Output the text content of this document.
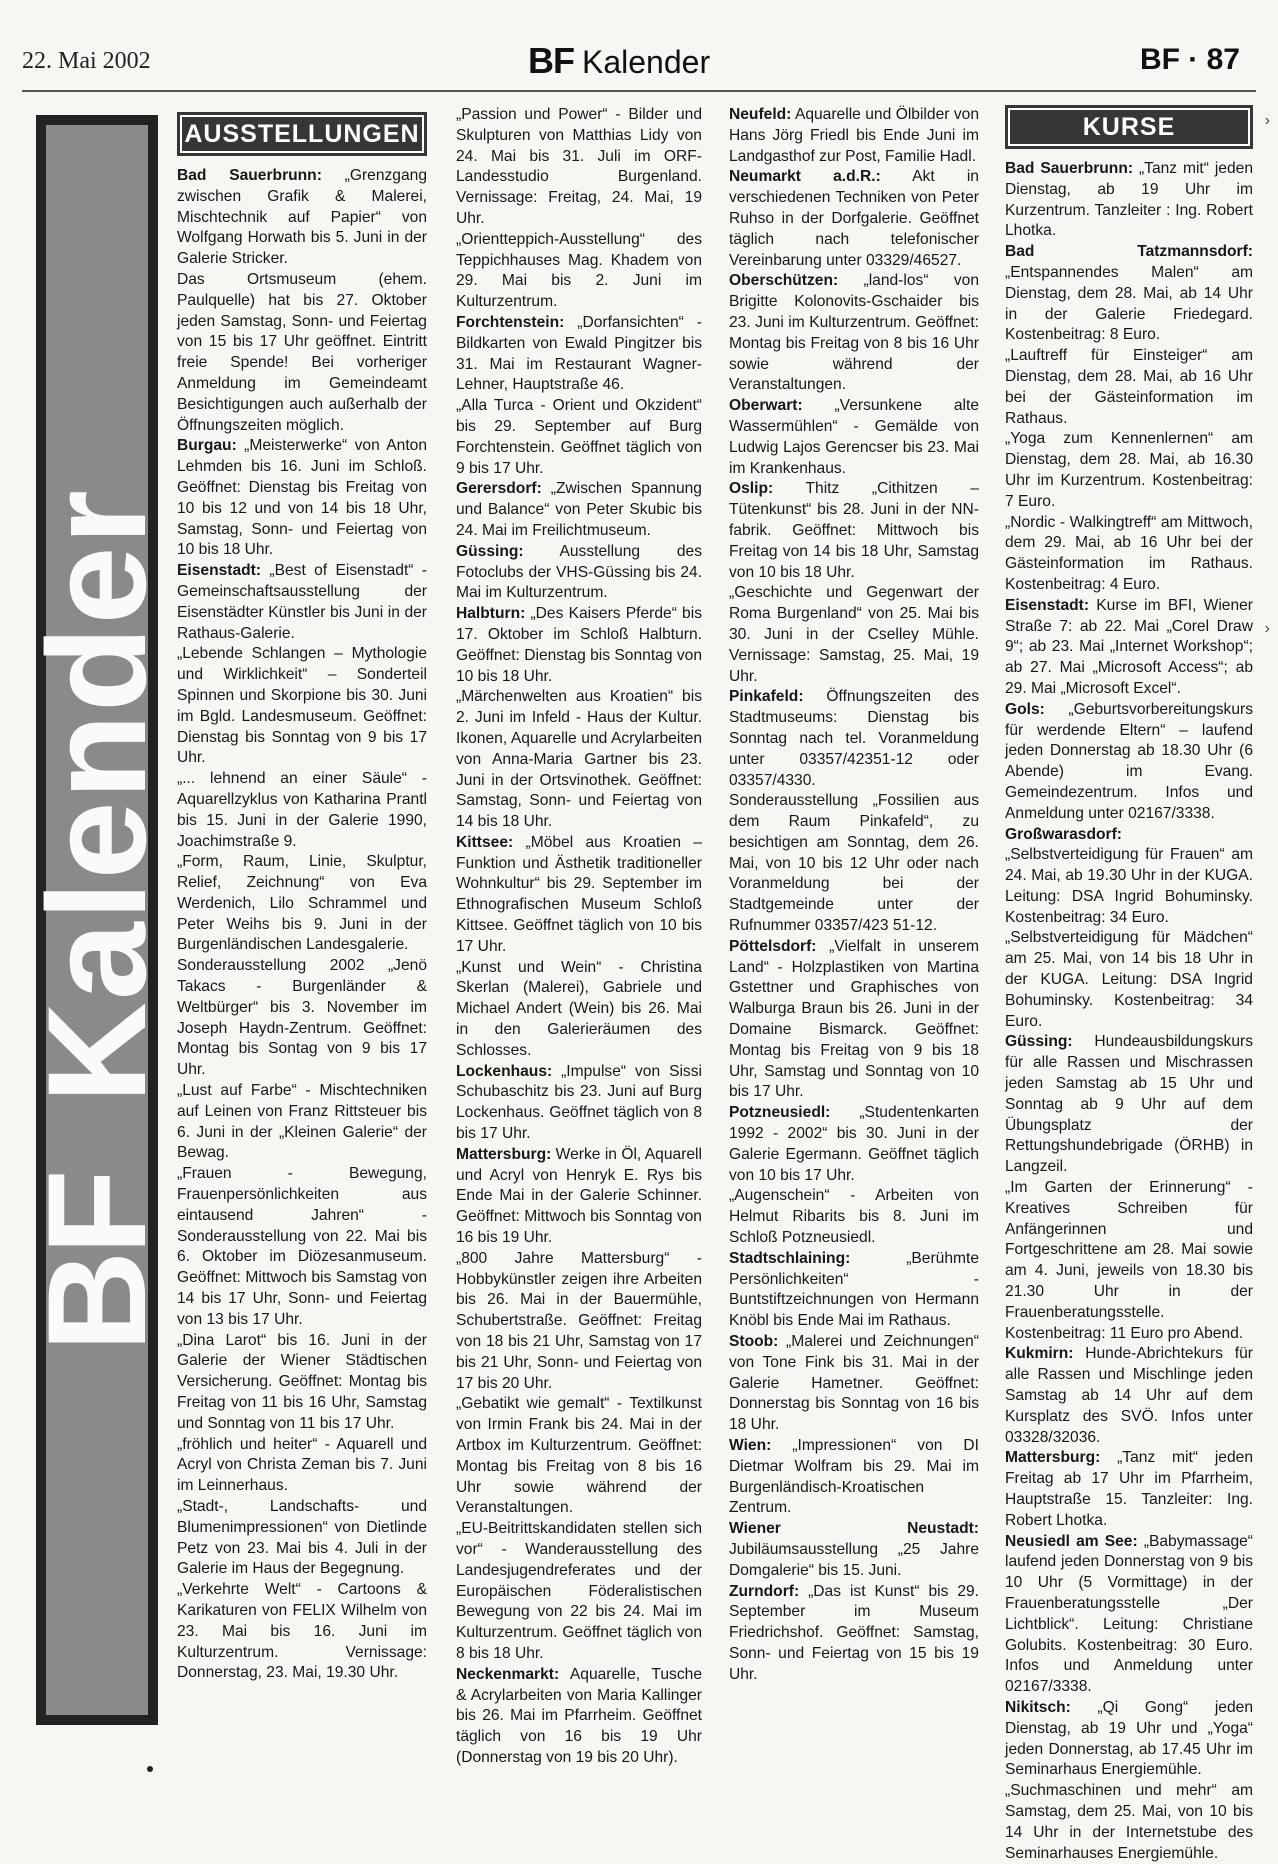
22. Mai 2002	BF Kalender	BF · 87
BFKalender
AUSSTELLUNGEN

Bad Sauerbrunn: „Grenzgang zwischen Grafik & Malerei, Mischtechnik auf Papier“ von Wolfgang Horwath bis 5. Juni in der Galerie Stricker.

Das Ortsmuseum (ehem. Paulquelle) hat bis 27. Oktober jeden Samstag, Sonn- und Feiertag von 15 bis 17 Uhr geöffnet. Eintritt freie Spende! Bei vorheriger Anmeldung im Gemeindeamt Besichtigungen auch außerhalb der Öffnungszeiten möglich.

Burgau: „Meisterwerke“ von Anton Lehmden bis 16. Juni im Schloß. Geöffnet: Dienstag bis Freitag von 10 bis 12 und von 14 bis 18 Uhr, Samstag, Sonn- und Feiertag von 10 bis 18 Uhr.

Eisenstadt: „Best of Eisenstadt“ - Gemeinschaftsausstellung der Eisenstädter Künstler bis Juni in der Rathaus-Galerie.

„Lebende Schlangen – Mythologie und Wirklichkeit“ – Sonderteil Spinnen und Skorpione bis 30. Juni im Bgld. Landesmuseum. Geöffnet: Dienstag bis Sonntag von 9 bis 17 Uhr.

„... lehnend an einer Säule“ - Aquarellzyklus von Katharina Prantl bis 15. Juni in der Galerie 1990, Joachimstraße 9.

„Form, Raum, Linie, Skulptur, Relief, Zeichnung“ von Eva Werdenich, Lilo Schrammel und Peter Weihs bis 9. Juni in der Burgenländischen Landesgalerie.

Sonderausstellung 2002 „Jenö Takacs - Burgenländer & Weltbürger“ bis 3. November im Joseph Haydn-Zentrum. Geöffnet: Montag bis Sontag von 9 bis 17 Uhr.

„Lust auf Farbe“ - Mischtechniken auf Leinen von Franz Rittsteuer bis 6. Juni in der „Kleinen Galerie“ der Bewag.

„Frauen - Bewegung, Frauenpersönlichkeiten aus eintausend Jahren“ - Sonderausstellung von 22. Mai bis 6. Oktober im Diözesanmuseum. Geöffnet: Mittwoch bis Samstag von 14 bis 17 Uhr, Sonn- und Feiertag von 13 bis 17 Uhr.

„Dina Larot“ bis 16. Juni in der Galerie der Wiener Städtischen Versicherung. Geöffnet: Montag bis Freitag von 11 bis 16 Uhr, Samstag und Sonntag von 11 bis 17 Uhr.

„fröhlich und heiter“ - Aquarell und Acryl von Christa Zeman bis 7. Juni im Leinnerhaus.

„Stadt-, Landschafts- und Blumenimpressionen“ von Dietlinde Petz von 23. Mai bis 4. Juli in der Galerie im Haus der Begegnung.

„Verkehrte Welt“ - Cartoons & Karikaturen von FELIX Wilhelm von 23. Mai bis 16. Juni im Kulturzentrum. Vernissage: Donnerstag, 23. Mai, 19.30 Uhr.

„Passion und Power“ - Bilder und Skulpturen von Matthias Lidy von 24. Mai bis 31. Juli im ORF-Landesstudio Burgenland. Vernissage: Freitag, 24. Mai, 19 Uhr.

„Orientteppich-Ausstellung“ des Teppichhauses Mag. Khadem von 29. Mai bis 2. Juni im Kulturzentrum.

Forchtenstein: „Dorfansichten“ - Bildkarten von Ewald Pingitzer bis 31. Mai im Restaurant Wagner-Lehner, Hauptstraße 46.

„Alla Turca - Orient und Okzident“ bis 29. September auf Burg Forchtenstein. Geöffnet täglich von 9 bis 17 Uhr.

Gerersdorf: „Zwischen Spannung und Balance“ von Peter Skubic bis 24. Mai im Freilichtmuseum.

Güssing: Ausstellung des Fotoclubs der VHS-Güssing bis 24. Mai im Kulturzentrum.

Halbturn: „Des Kaisers Pferde“ bis 17. Oktober im Schloß Halbturn. Geöffnet: Dienstag bis Sonntag von 10 bis 18 Uhr.

„Märchenwelten aus Kroatien“ bis 2. Juni im Infeld - Haus der Kultur. Ikonen, Aquarelle und Acrylarbeiten von Anna-Maria Gartner bis 23. Juni in der Ortsvinothek. Geöffnet: Samstag, Sonn- und Feiertag von 14 bis 18 Uhr.

Kittsee: „Möbel aus Kroatien – Funktion und Ästhetik traditioneller Wohnkultur“ bis 29. September im Ethnografischen Museum Schloß Kittsee. Geöffnet täglich von 10 bis 17 Uhr.

„Kunst und Wein“ - Christina Skerlan (Malerei), Gabriele und Michael Andert (Wein) bis 26. Mai in den Galerieräumen des Schlosses.

Lockenhaus: „Impulse“ von Sissi Schubaschitz bis 23. Juni auf Burg Lockenhaus. Geöffnet täglich von 8 bis 17 Uhr.

Mattersburg: Werke in Öl, Aquarell und Acryl von Henryk E. Rys bis Ende Mai in der Galerie Schinner. Geöffnet: Mittwoch bis Sonntag von 16 bis 19 Uhr.

„800 Jahre Mattersburg“ - Hobbykünstler zeigen ihre Arbeiten bis 26. Mai in der Bauermühle, Schubertstraße. Geöffnet: Freitag von 18 bis 21 Uhr, Samstag von 17 bis 21 Uhr, Sonn- und Feiertag von 17 bis 20 Uhr.

„Gebatikt wie gemalt“ - Textilkunst von Irmin Frank bis 24. Mai in der Artbox im Kulturzentrum. Geöffnet: Montag bis Freitag von 8 bis 16 Uhr sowie während der Veranstaltungen.

„EU-Beitrittskandidaten stellen sich vor“ - Wanderausstellung des Landesjugendreferates und der Europäischen Föderalistischen Bewegung von 22 bis 24. Mai im Kulturzentrum. Geöffnet täglich von 8 bis 18 Uhr.

Neckenmarkt: Aquarelle, Tusche & Acrylarbeiten von Maria Kallinger bis 26. Mai im Pfarrheim. Geöffnet täglich von 16 bis 19 Uhr (Donnerstag von 19 bis 20 Uhr).

Neufeld: Aquarelle und Ölbilder von Hans Jörg Friedl bis Ende Juni im Landgasthof zur Post, Familie Hadl.

Neumarkt a.d.R.: Akt in verschiedenen Techniken von Peter Ruhso in der Dorfgalerie. Geöffnet täglich nach telefonischer Vereinbarung unter 03329/46527.

Oberschützen: „land-los“ von Brigitte Kolonovits-Gschaider bis 23. Juni im Kulturzentrum. Geöffnet: Montag bis Freitag von 8 bis 16 Uhr sowie während der Veranstaltungen.

Oberwart: „Versunkene alte Wassermühlen“ - Gemälde von Ludwig Lajos Gerencser bis 23. Mai im Krankenhaus.

Oslip: Thitz „Cithitzen – Tütenkunst“ bis 28. Juni in der NN-fabrik. Geöffnet: Mittwoch bis Freitag von 14 bis 18 Uhr, Samstag von 10 bis 18 Uhr.

„Geschichte und Gegenwart der Roma Burgenland“ von 25. Mai bis 30. Juni in der Cselley Mühle. Vernissage: Samstag, 25. Mai, 19 Uhr.

Pinkafeld: Öffnungszeiten des Stadtmuseums: Dienstag bis Sonntag nach tel. Voranmeldung unter 03357/42351-12 oder 03357/4330.

Sonderausstellung „Fossilien aus dem Raum Pinkafeld“, zu besichtigen am Sonntag, dem 26. Mai, von 10 bis 12 Uhr oder nach Voranmeldung bei der Stadtgemeinde unter der Rufnummer 03357/423 51-12.

Pöttelsdorf: „Vielfalt in unserem Land“ - Holzplastiken von Martina Gstettner und Graphisches von Walburga Braun bis 26. Juni in der Domaine Bismarck. Geöffnet: Montag bis Freitag von 9 bis 18 Uhr, Samstag und Sonntag von 10 bis 17 Uhr.

Potzneusiedl: „Studentenkarten 1992 - 2002“ bis 30. Juni in der Galerie Egermann. Geöffnet täglich von 10 bis 17 Uhr.

„Augenschein“ - Arbeiten von Helmut Ribarits bis 8. Juni im Schloß Potzneusiedl.

Stadtschlaining: „Berühmte Persönlichkeiten“ - Buntstiftzeichnungen von Hermann Knöbl bis Ende Mai im Rathaus.

Stoob: „Malerei und Zeichnungen“ von Tone Fink bis 31. Mai in der Galerie Hametner. Geöffnet: Donnerstag bis Sonntag von 16 bis 18 Uhr.

Wien: „Impressionen“ von DI Dietmar Wolfram bis 29. Mai im Burgenländisch-Kroatischen Zentrum.

Wiener Neustadt: Jubiläumsausstellung „25 Jahre Domgalerie“ bis 15. Juni.

Zurndorf: „Das ist Kunst“ bis 29. September im Museum Friedrichshof. Geöffnet: Samstag, Sonn- und Feiertag von 15 bis 19 Uhr.

KURSE

Bad Sauerbrunn: „Tanz mit“ jeden Dienstag, ab 19 Uhr im Kurzentrum. Tanzleiter : Ing. Robert Lhotka.

Bad Tatzmannsdorf: „Entspannendes Malen“ am Dienstag, dem 28. Mai, ab 14 Uhr in der Galerie Friedegard. Kostenbeitrag: 8 Euro.

„Lauftreff für Einsteiger“ am Dienstag, dem 28. Mai, ab 16 Uhr bei der Gästeinformation im Rathaus.

„Yoga zum Kennenlernen“ am Dienstag, dem 28. Mai, ab 16.30 Uhr im Kurzentrum. Kostenbeitrag: 7 Euro.

„Nordic - Walkingtreff“ am Mittwoch, dem 29. Mai, ab 16 Uhr bei der Gästeinformation im Rathaus. Kostenbeitrag: 4 Euro.

Eisenstadt: Kurse im BFI, Wiener Straße 7: ab 22. Mai „Corel Draw 9“; ab 23. Mai „Internet Workshop“; ab 27. Mai „Microsoft Access“; ab 29. Mai „Microsoft Excel“.

Gols: „Geburtsvorbereitungskurs für werdende Eltern“ – laufend jeden Donnerstag ab 18.30 Uhr (6 Abende) im Evang. Gemeindezentrum. Infos und Anmeldung unter 02167/3338.

Großwarasdorf: „Selbstverteidigung für Frauen“ am 24. Mai, ab 19.30 Uhr in der KUGA. Leitung: DSA Ingrid Bohuminsky. Kostenbeitrag: 34 Euro.

„Selbstverteidigung für Mädchen“ am 25. Mai, von 14 bis 18 Uhr in der KUGA. Leitung: DSA Ingrid Bohuminsky. Kostenbeitrag: 34 Euro.

Güssing: Hundeausbildungskurs für alle Rassen und Mischrassen jeden Samstag ab 15 Uhr und Sonntag ab 9 Uhr auf dem Übungsplatz der Rettungshundebrigade (ÖRHB) in Langzeil.

„Im Garten der Erinnerung“ - Kreatives Schreiben für Anfängerinnen und Fortgeschrittene am 28. Mai sowie am 4. Juni, jeweils von 18.30 bis 21.30 Uhr in der Frauenberatungsstelle. Kostenbeitrag: 11 Euro pro Abend.

Kukmirn: Hunde-Abrichtekurs für alle Rassen und Mischlinge jeden Samstag ab 14 Uhr auf dem Kursplatz des SVÖ. Infos unter 03328/32036.

Mattersburg: „Tanz mit“ jeden Freitag ab 17 Uhr im Pfarrheim, Hauptstraße 15. Tanzleiter: Ing. Robert Lhotka.

Neusiedl am See: „Babymassage“ laufend jeden Donnerstag von 9 bis 10 Uhr (5 Vormittage) in der Frauenberatungsstelle „Der Lichtblick“. Leitung: Christiane Golubits. Kostenbeitrag: 30 Euro. Infos und Anmeldung unter 02167/3338.

Nikitsch: „Qi Gong“ jeden Dienstag, ab 19 Uhr und „Yoga“ jeden Donnerstag, ab 17.45 Uhr im Seminarhaus Energiemühle.

„Suchmaschinen und mehr“ am Samstag, dem 25. Mai, von 10 bis 14 Uhr in der Internetstube des Seminarhauses Energiemühle.

›
›
